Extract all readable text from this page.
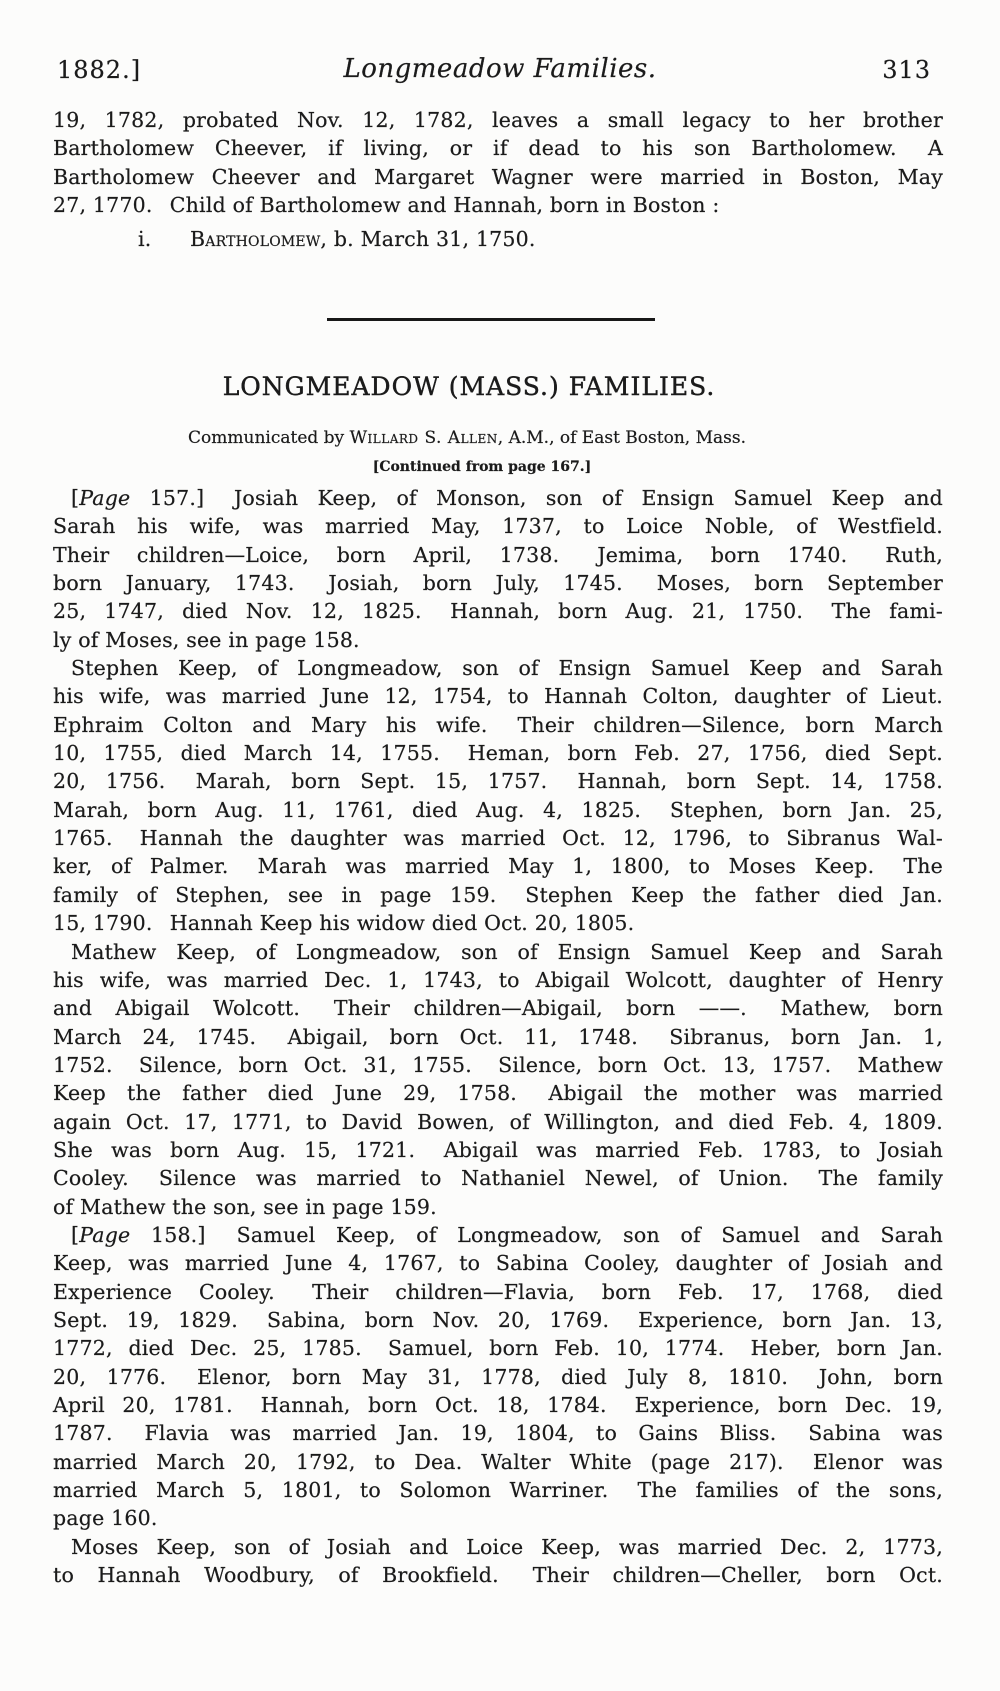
1882.]	Longmeadow Families.	313
19, 1782, probated Nov. 12, 1782, leaves a small legacy to her brother
Bartholomew Cheever, if living, or if dead to his son Bartholomew.  A
Bartholomew Cheever and Margaret Wagner were married in Boston, May
27, 1770.  Child of Bartholomew and Hannah, born in Boston :
i. Bartholomew, b. March 31, 1750.
LONGMEADOW (MASS.) FAMILIES.
Communicated by Willard S. Allen, A.M., of East Boston, Mass.
[Continued from page 167.]
[Page 157.]  Josiah Keep, of Monson, son of Ensign Samuel Keep and
Sarah his wife, was married May, 1737, to Loice Noble, of Westfield.
Their children—Loice, born April, 1738.  Jemima, born 1740.  Ruth,
born January, 1743.  Josiah, born July, 1745.  Moses, born September
25, 1747, died Nov. 12, 1825.  Hannah, born Aug. 21, 1750.  The fami-
ly of Moses, see in page 158.
Stephen Keep, of Longmeadow, son of Ensign Samuel Keep and Sarah
his wife, was married June 12, 1754, to Hannah Colton, daughter of Lieut.
Ephraim Colton and Mary his wife.  Their children—Silence, born March
10, 1755, died March 14, 1755.  Heman, born Feb. 27, 1756, died Sept.
20, 1756.  Marah, born Sept. 15, 1757.  Hannah, born Sept. 14, 1758.
Marah, born Aug. 11, 1761, died Aug. 4, 1825.  Stephen, born Jan. 25,
1765.  Hannah the daughter was married Oct. 12, 1796, to Sibranus Wal-
ker, of Palmer.  Marah was married May 1, 1800, to Moses Keep.  The
family of Stephen, see in page 159.  Stephen Keep the father died Jan.
15, 1790.  Hannah Keep his widow died Oct. 20, 1805.
Mathew Keep, of Longmeadow, son of Ensign Samuel Keep and Sarah
his wife, was married Dec. 1, 1743, to Abigail Wolcott, daughter of Henry
and Abigail Wolcott.  Their children—Abigail, born ——.  Mathew, born
March 24, 1745.  Abigail, born Oct. 11, 1748.  Sibranus, born Jan. 1,
1752.  Silence, born Oct. 31, 1755.  Silence, born Oct. 13, 1757.  Mathew
Keep the father died June 29, 1758.  Abigail the mother was married
again Oct. 17, 1771, to David Bowen, of Willington, and died Feb. 4, 1809.
She was born Aug. 15, 1721.  Abigail was married Feb. 1783, to Josiah
Cooley.  Silence was married to Nathaniel Newel, of Union.  The family
of Mathew the son, see in page 159.
[Page 158.]  Samuel Keep, of Longmeadow, son of Samuel and Sarah
Keep, was married June 4, 1767, to Sabina Cooley, daughter of Josiah and
Experience Cooley.  Their children—Flavia, born Feb. 17, 1768, died
Sept. 19, 1829.  Sabina, born Nov. 20, 1769.  Experience, born Jan. 13,
1772, died Dec. 25, 1785.  Samuel, born Feb. 10, 1774.  Heber, born Jan.
20, 1776.  Elenor, born May 31, 1778, died July 8, 1810.  John, born
April 20, 1781.  Hannah, born Oct. 18, 1784.  Experience, born Dec. 19,
1787.  Flavia was married Jan. 19, 1804, to Gains Bliss.  Sabina was
married March 20, 1792, to Dea. Walter White (page 217).  Elenor was
married March 5, 1801, to Solomon Warriner.  The families of the sons,
page 160.
Moses Keep, son of Josiah and Loice Keep, was married Dec. 2, 1773,
to Hannah Woodbury, of Brookfield.  Their children—Cheller, born Oct.
